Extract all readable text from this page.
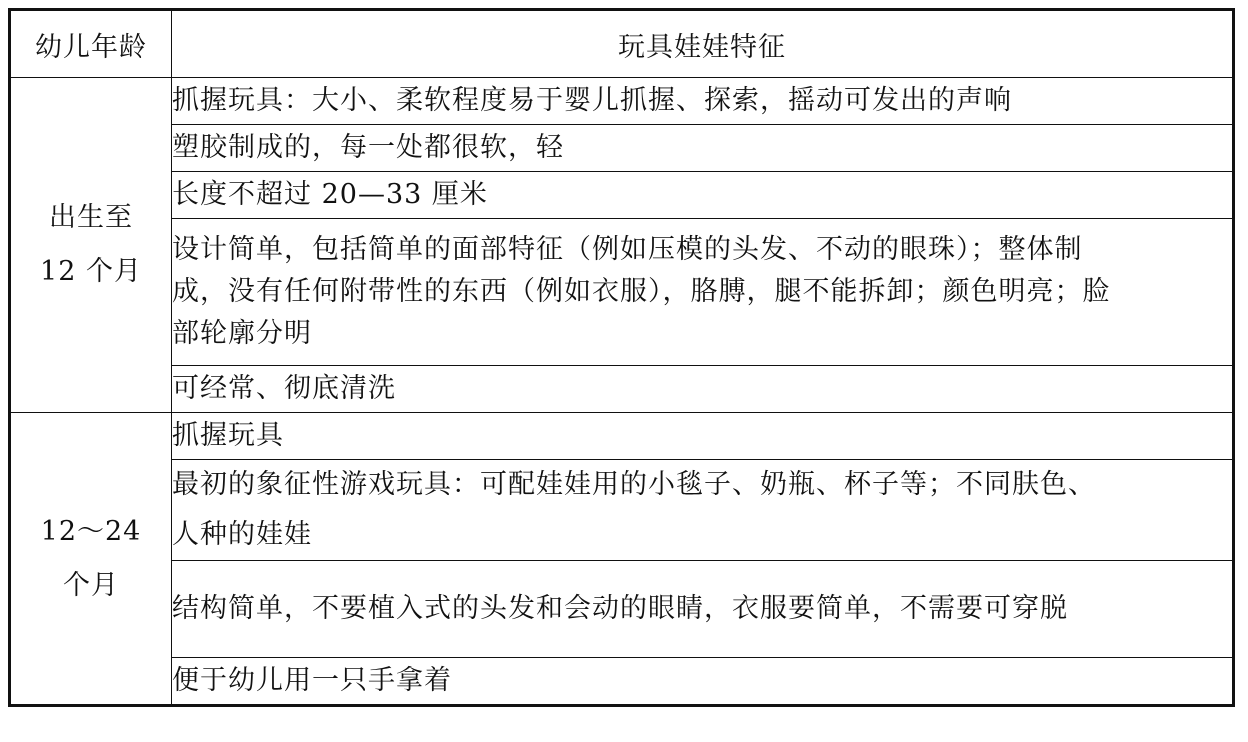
幼儿年龄	玩具娃娃特征

出生至
12 个月	抓握玩具：大小、柔软程度易于婴儿抓握、探索，摇动可发出的声响

	塑胶制成的，每一处都很软，轻

	长度不超过 20—33 厘米

	设计简单，包括简单的面部特征（例如压模的头发、不动的眼珠）；整体制
成，没有任何附带性的东西（例如衣服），胳膊，腿不能拆卸；颜色明亮；脸
部轮廓分明

	可经常、彻底清洗

12～24
个月	抓握玩具

	最初的象征性游戏玩具：可配娃娃用的小毯子、奶瓶、杯子等；不同肤色、
人种的娃娃

	结构简单，不要植入式的头发和会动的眼睛，衣服要简单，不需要可穿脱

	便于幼儿用一只手拿着
